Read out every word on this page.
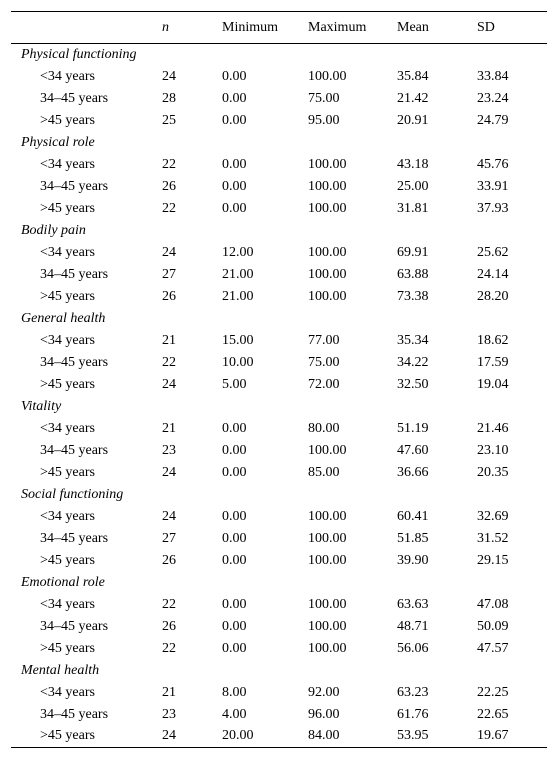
	n	Minimum	Maximum	Mean	SD
Physical functioning					
<34 years	24	0.00	100.00	35.84	33.84
34–45 years	28	0.00	75.00	21.42	23.24
>45 years	25	0.00	95.00	20.91	24.79
Physical role					
<34 years	22	0.00	100.00	43.18	45.76
34–45 years	26	0.00	100.00	25.00	33.91
>45 years	22	0.00	100.00	31.81	37.93
Bodily pain					
<34 years	24	12.00	100.00	69.91	25.62
34–45 years	27	21.00	100.00	63.88	24.14
>45 years	26	21.00	100.00	73.38	28.20
General health					
<34 years	21	15.00	77.00	35.34	18.62
34–45 years	22	10.00	75.00	34.22	17.59
>45 years	24	5.00	72.00	32.50	19.04
Vitality					
<34 years	21	0.00	80.00	51.19	21.46
34–45 years	23	0.00	100.00	47.60	23.10
>45 years	24	0.00	85.00	36.66	20.35
Social functioning					
<34 years	24	0.00	100.00	60.41	32.69
34–45 years	27	0.00	100.00	51.85	31.52
>45 years	26	0.00	100.00	39.90	29.15
Emotional role					
<34 years	22	0.00	100.00	63.63	47.08
34–45 years	26	0.00	100.00	48.71	50.09
>45 years	22	0.00	100.00	56.06	47.57
Mental health					
<34 years	21	8.00	92.00	63.23	22.25
34–45 years	23	4.00	96.00	61.76	22.65
>45 years	24	20.00	84.00	53.95	19.67
